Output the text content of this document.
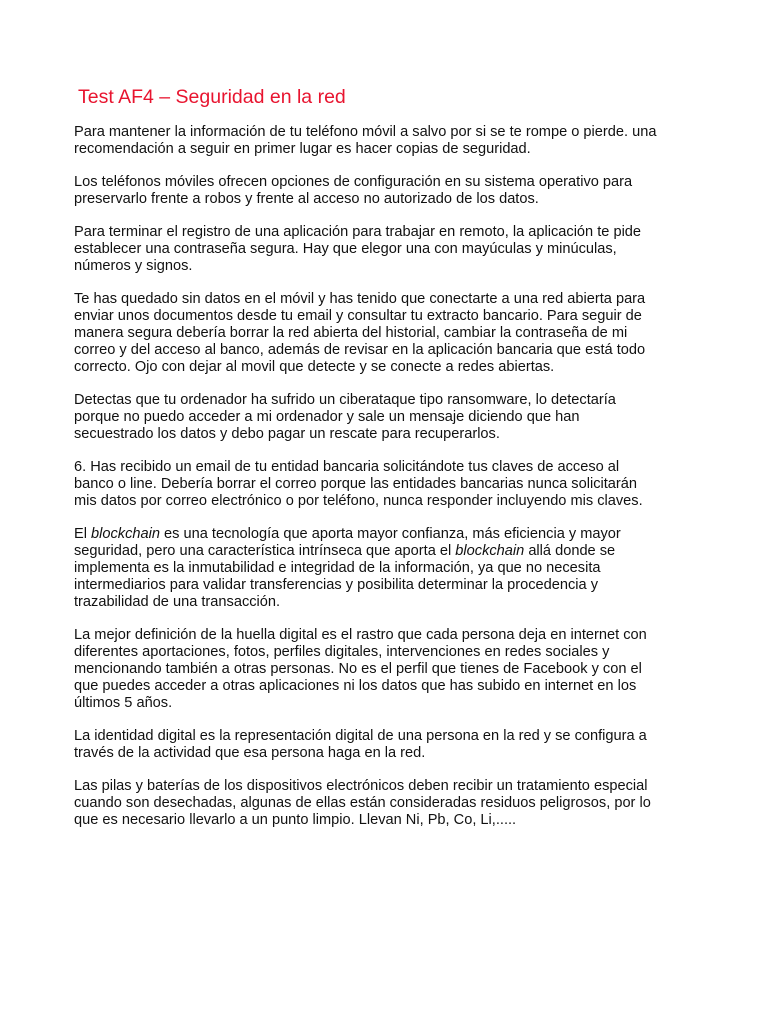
Test AF4 – Seguridad en la red

Para mantener la información de tu teléfono móvil a salvo por si se te rompe o pierde. una
recomendación a seguir en primer lugar es hacer copias de seguridad.

Los teléfonos móviles ofrecen opciones de configuración en su sistema operativo para
preservarlo frente a robos y frente al acceso no autorizado de los datos.

Para terminar el registro de una aplicación para trabajar en remoto, la aplicación te pide
establecer una contraseña segura. Hay que elegor una con mayúculas y minúculas,
números y signos.

Te has quedado sin datos en el móvil y has tenido que conectarte a una red abierta para
enviar unos documentos desde tu email y consultar tu extracto bancario. Para seguir de
manera segura debería borrar la red abierta del historial, cambiar la contraseña de mi
correo y del acceso al banco, además de revisar en la aplicación bancaria que está todo
correcto. Ojo con dejar al movil que detecte y se conecte a redes abiertas.

Detectas que tu ordenador ha sufrido un ciberataque tipo ransomware, lo detectaría
porque no puedo acceder a mi ordenador y sale un mensaje diciendo que han
secuestrado los datos y debo pagar un rescate para recuperarlos.

6. Has recibido un email de tu entidad bancaria solicitándote tus claves de acceso al
banco o line. Debería borrar el correo porque las entidades bancarias nunca solicitarán
mis datos por correo electrónico o por teléfono, nunca responder incluyendo mis claves.

El blockchain es una tecnología que aporta mayor confianza, más eficiencia y mayor
seguridad, pero una característica intrínseca que aporta el blockchain allá donde se
implementa es la inmutabilidad e integridad de la información, ya que no necesita
intermediarios para validar transferencias y posibilita determinar la procedencia y
trazabilidad de una transacción.

La mejor definición de la huella digital es el rastro que cada persona deja en internet con
diferentes aportaciones, fotos, perfiles digitales, intervenciones en redes sociales y
mencionando también a otras personas. No es el perfil que tienes de Facebook y con el
que puedes acceder a otras aplicaciones ni los datos que has subido en internet en los
últimos 5 años.

La identidad digital es la representación digital de una persona en la red y se configura a
través de la actividad que esa persona haga en la red.

Las pilas y baterías de los dispositivos electrónicos deben recibir un tratamiento especial
cuando son desechadas, algunas de ellas están consideradas residuos peligrosos, por lo
que es necesario llevarlo a un punto limpio. Llevan Ni, Pb, Co, Li,.....
